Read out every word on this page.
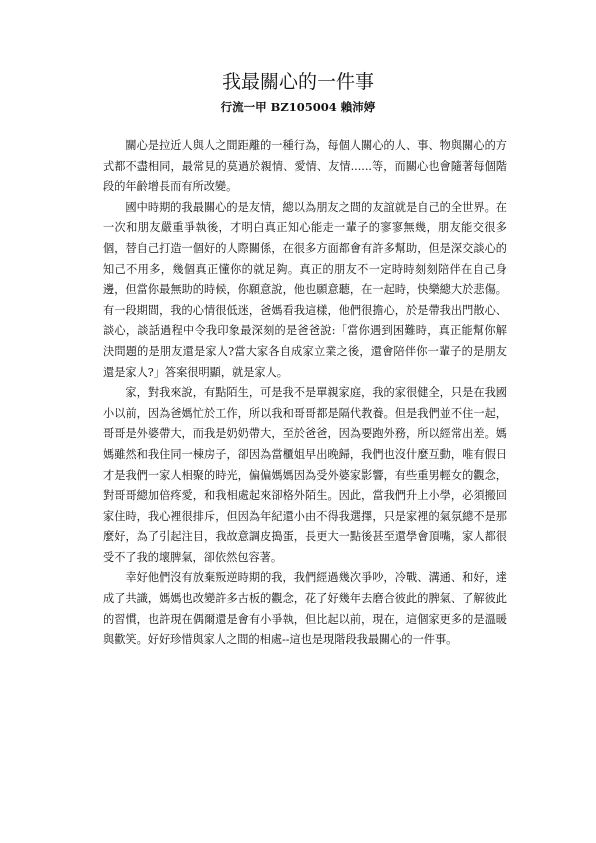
我最關心的一件事
行流一甲 BZ105004 賴沛婷

關心是拉近人與人之間距離的一種行為，每個人關心的人、事、物與關心的方式都不盡相同，最常見的莫過於親情、愛情、友情......等，而關心也會隨著每個階段的年齡增長而有所改變。

國中時期的我最關心的是友情，總以為朋友之間的友誼就是自己的全世界。在一次和朋友嚴重爭執後，才明白真正知心能走一輩子的寥寥無幾，朋友能交很多個，替自己打造一個好的人際關係，在很多方面都會有許多幫助，但是深交談心的知己不用多，幾個真正懂你的就足夠。真正的朋友不一定時時刻刻陪伴在自己身邊，但當你最無助的時候，你願意說，他也願意聽，在一起時，快樂總大於悲傷。有一段期間，我的心情很低迷，爸媽看我這樣，他們很擔心，於是帶我出門散心、談心，談話過程中令我印象最深刻的是爸爸說:「當你遇到困難時，真正能幫你解決問題的是朋友還是家人?當大家各自成家立業之後，還會陪伴你一輩子的是朋友還是家人?」答案很明顯，就是家人。

家，對我來說，有點陌生，可是我不是單親家庭，我的家很健全，只是在我國小以前，因為爸媽忙於工作，所以我和哥哥都是隔代教養。但是我們並不住一起，哥哥是外婆帶大，而我是奶奶帶大，至於爸爸，因為要跑外務，所以經常出差。媽媽雖然和我住同一棟房子，卻因為當櫃姐早出晚歸，我們也沒什麼互動，唯有假日才是我們一家人相聚的時光，偏偏媽媽因為受外婆家影響，有些重男輕女的觀念，對哥哥總加倍疼愛，和我相處起來卻格外陌生。因此，當我們升上小學，必須搬回家住時，我心裡很排斥，但因為年紀還小由不得我選擇，只是家裡的氣氛總不是那麼好，為了引起注目，我故意調皮搗蛋，長更大一點後甚至還學會頂嘴，家人都很受不了我的壞脾氣，卻依然包容著。

幸好他們沒有放棄叛逆時期的我，我們經過幾次爭吵，冷戰、溝通、和好，達成了共識，媽媽也改變許多古板的觀念，花了好幾年去磨合彼此的脾氣、了解彼此的習慣，也許現在偶爾還是會有小爭執，但比起以前，現在，這個家更多的是溫暖與歡笑。好好珍惜與家人之間的相處--這也是現階段我最關心的一件事。
